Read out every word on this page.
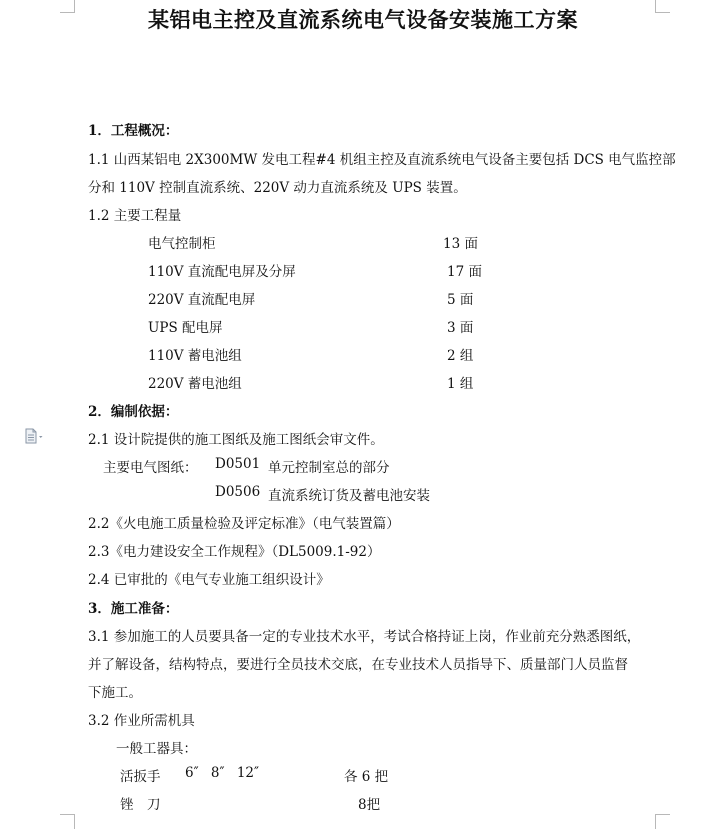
某铝电主控及直流系统电气设备安装施工方案
1．工程概况：
1.1 山西某铝电 2X300MW 发电工程#4 机组主控及直流系统电气设备主要包括 DCS 电气监控部
分和 110V 控制直流系统、220V 动力直流系统及 UPS 装置。
1.2 主要工程量
电气控制柜	13 面
110V 直流配电屏及分屏	17 面
220V 直流配电屏	5 面
UPS 配电屏	3 面
110V 蓄电池组	2 组
220V 蓄电池组	1 组
2．编制依据：
2.1 设计院提供的施工图纸及施工图纸会审文件。
主要电气图纸： D0501 单元控制室总的部分
D0506 直流系统订货及蓄电池安装
2.2《火电施工质量检验及评定标准》（电气装置篇）
2.3《电力建设安全工作规程》（DL5009.1-92）
2.4 已审批的《电气专业施工组织设计》
3．施工准备：
3.1 参加施工的人员要具备一定的专业技术水平，考试合格持证上岗，作业前充分熟悉图纸，
并了解设备，结构特点，要进行全员技术交底，在专业技术人员指导下、质量部门人员监督
下施工。
3.2 作业所需机具
一般工器具：
活扳手 6″ 8″ 12″	各 6 把
锉　刀	8把
